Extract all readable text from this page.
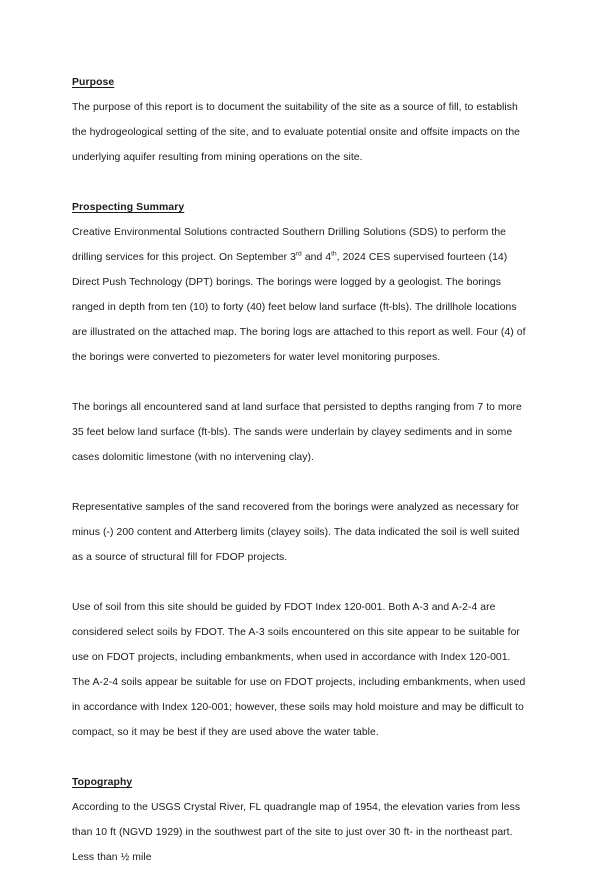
Purpose

The purpose of this report is to document the suitability of the site as a source of fill, to establish the hydrogeological setting of the site, and to evaluate potential onsite and offsite impacts on the underlying aquifer resulting from mining operations on the site.

Prospecting Summary

Creative Environmental Solutions contracted Southern Drilling Solutions (SDS) to perform the drilling services for this project. On September 3rd and 4th, 2024 CES supervised fourteen (14) Direct Push Technology (DPT) borings. The borings were logged by a geologist. The borings ranged in depth from ten (10) to forty (40) feet below land surface (ft-bls). The drillhole locations are illustrated on the attached map. The boring logs are attached to this report as well. Four (4) of the borings were converted to piezometers for water level monitoring purposes.

The borings all encountered sand at land surface that persisted to depths ranging from 7 to more 35 feet below land surface (ft-bls). The sands were underlain by clayey sediments and in some cases dolomitic limestone (with no intervening clay).

Representative samples of the sand recovered from the borings were analyzed as necessary for minus (-) 200 content and Atterberg limits (clayey soils). The data indicated the soil is well suited as a source of structural fill for FDOP projects.

Use of soil from this site should be guided by FDOT Index 120-001. Both A-3 and A-2-4 are considered select soils by FDOT. The A-3 soils encountered on this site appear to be suitable for use on FDOT projects, including embankments, when used in accordance with Index 120-001. The A-2-4 soils appear be suitable for use on FDOT projects, including embankments, when used in accordance with Index 120-001; however, these soils may hold moisture and may be difficult to compact, so it may be best if they are used above the water table.

Topography

According to the USGS Crystal River, FL quadrangle map of 1954, the elevation varies from less than 10 ft (NGVD 1929) in the southwest part of the site to just over 30 ft- in the northeast part. Less than ½ mile
